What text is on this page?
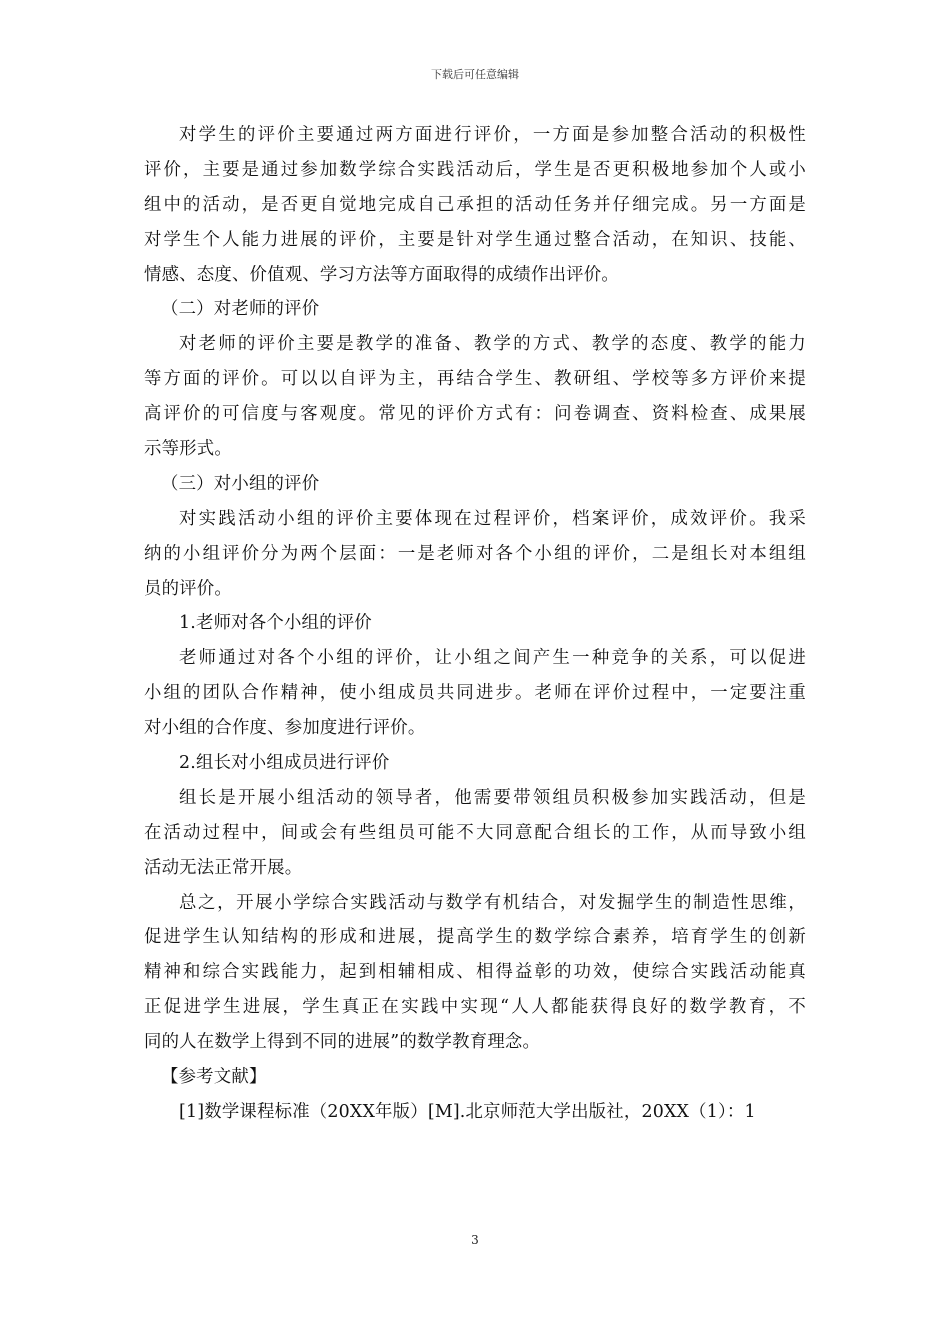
下载后可任意编辑
对学生的评价主要通过两方面进行评价，一方面是参加整合活动的积极性
评价，主要是通过参加数学综合实践活动后，学生是否更积极地参加个人或小
组中的活动，是否更自觉地完成自己承担的活动任务并仔细完成。另一方面是
对学生个人能力进展的评价，主要是针对学生通过整合活动，在知识、技能、
情感、态度、价值观、学习方法等方面取得的成绩作出评价。
（二）对老师的评价
对老师的评价主要是教学的准备、教学的方式、教学的态度、教学的能力
等方面的评价。可以以自评为主，再结合学生、教研组、学校等多方评价来提
高评价的可信度与客观度。常见的评价方式有：问卷调查、资料检查、成果展
示等形式。
（三）对小组的评价
对实践活动小组的评价主要体现在过程评价，档案评价，成效评价。我采
纳的小组评价分为两个层面：一是老师对各个小组的评价，二是组长对本组组
员的评价。
1.老师对各个小组的评价
老师通过对各个小组的评价，让小组之间产生一种竞争的关系，可以促进
小组的团队合作精神，使小组成员共同进步。老师在评价过程中，一定要注重
对小组的合作度、参加度进行评价。
2.组长对小组成员进行评价
组长是开展小组活动的领导者，他需要带领组员积极参加实践活动，但是
在活动过程中，间或会有些组员可能不大同意配合组长的工作，从而导致小组
活动无法正常开展。
总之，开展小学综合实践活动与数学有机结合，对发掘学生的制造性思维，
促进学生认知结构的形成和进展，提高学生的数学综合素养，培育学生的创新
精神和综合实践能力，起到相辅相成、相得益彰的功效，使综合实践活动能真
正促进学生进展，学生真正在实践中实现“人人都能获得良好的数学教育，不
同的人在数学上得到不同的进展”的数学教育理念。
【参考文献】
[1]数学课程标准（20XX年版）[M].北京师范大学出版社，20XX（1）：1
3
